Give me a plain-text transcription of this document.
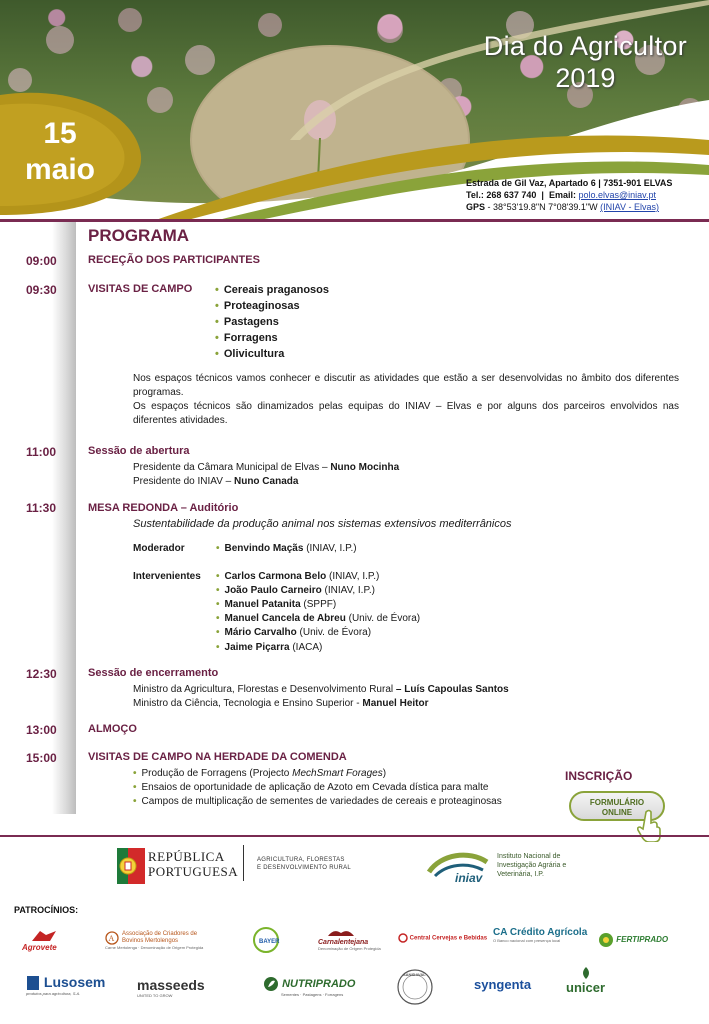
Dia do Agricultor
2019
15
maio	Estrada de Gil Vaz, Apartado 6 | 7351-901 ELVAS
Tel.: 268 637 740  |  Email: polo.elvas@iniav.pt
GPS - 38°53'19.8"N 7°08'39.1"W (INIAV - Elvas)
PROGRAMA
09:00	RECEÇÃO DOS PARTICIPANTES
09:30	VISITAS DE CAMPO • Cereais praganosos
• Proteaginosas
• Pastagens
• Forragens
• Olivicultura
Nos espaços técnicos vamos conhecer e discutir as atividades que estão a ser desenvolvidas no âmbito dos diferentes programas.
Os espaços técnicos são dinamizados pelas equipas do INIAV – Elvas e por alguns dos parceiros envolvidos nas diferentes atividades.
11:00	Sessão de abertura
Presidente da Câmara Municipal de Elvas – Nuno Mocinha
Presidente do INIAV – Nuno Canada
11:30	MESA REDONDA – Auditório
Sustentabilidade da produção animal nos sistemas extensivos mediterrânicos
Moderador	• Benvindo Maçãs (INIAV, I.P.)
Intervenientes • Carlos Carmona Belo (INIAV, I.P.)
• João Paulo Carneiro (INIAV, I.P.)
• Manuel Patanita (SPPF)
• Manuel Cancela de Abreu (Univ. de Évora)
• Mário Carvalho (Univ. de Évora)
• Jaime Piçarra (IACA)
12:30	Sessão de encerramento
Ministro da Agricultura, Florestas e Desenvolvimento Rural – Luís Capoulas Santos
Ministro da Ciência, Tecnologia e Ensino Superior - Manuel Heitor
13:00	ALMOÇO
15:00	VISITAS DE CAMPO NA HERDADE DA COMENDA
• Produção de Forragens (Projecto MechSmart Forages)
• Ensaios de oportunidade de aplicação de Azoto em Cevada dística para malte
• Campos de multiplicação de sementes de variedades de cereais e proteaginosas
INSCRIÇÃO
FORMULÁRIO
ONLINE
REPÚBLICA
PORTUGUESA
AGRICULTURA, FLORESTAS
E DESENVOLVIMENTO RURAL
iniav
Instituto Nacional de
Investigação Agrária e
Veterinária, I.P.
PATROCÍNIOS:
Agrovete
A Associação de Criadores de Bovinos Mertolengos
Carne Mertolenga · Denominação de Origem Protegida
BAYER	Carnalentejana
Denominação de Origem Protegida
Central Cervejas e Bebidas
CA Crédito Agrícola
O Banco nacional com presença local	FERTIPRADO
Lusosem
produtos para agricultura, S.A.
masseeds
UNITED TO GROW
NUTRIPRADO
Sementes · Pastagens · Forragens
SANIDAVAL
syngenta	unicer
